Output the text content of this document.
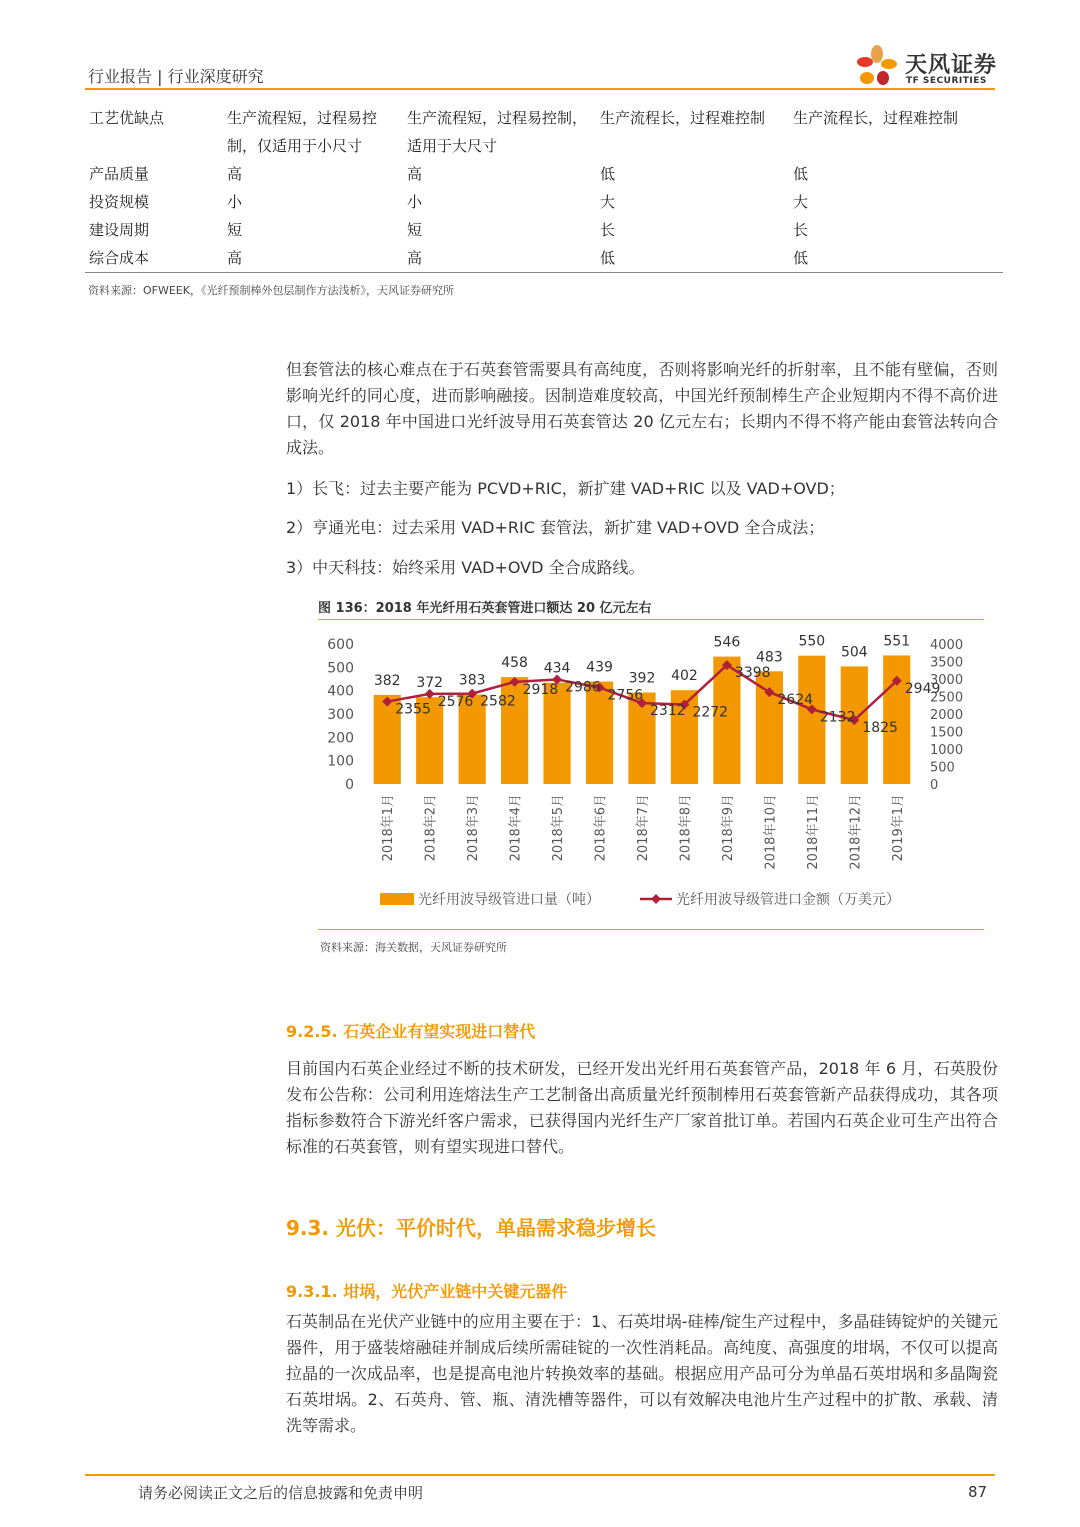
行业报告 | 行业深度研究	天风证券
TF SECURITIES
工艺优缺点	生产流程短，过程易控制，仅适用于小尺寸	生产流程短，过程易控制，适用于大尺寸	生产流程长，过程难控制	生产流程长，过程难控制
产品质量	高	高	低	低
投资规模	小	小	大	大
建设周期	短	短	长	长
综合成本	高	高	低	低
资料来源：OFWEEK，《光纤预制棒外包层制作方法浅析》，天风证券研究所
但套管法的核心难点在于石英套管需要具有高纯度，否则将影响光纤的折射率，且不能有壁偏，否则影响光纤的同心度，进而影响融接。因制造难度较高，中国光纤预制棒生产企业短期内不得不高价进口，仅 2018 年中国进口光纤波导用石英套管达 20 亿元左右；长期内不得不将产能由套管法转向合成法。
1）长飞：过去主要产能为 PCVD+RIC，新扩建 VAD+RIC 以及 VAD+OVD；
2）亨通光电：过去采用 VAD+RIC 套管法，新扩建 VAD+OVD 全合成法；
3）中天科技：始终采用 VAD+OVD 全合成路线。
图 136：2018 年光纤用石英套管进口额达 20 亿元左右
0
100
200
300
400
500
600
0
500
1000
1500
2000
2500
3000
3500
4000
382 372 383
458 434 439
392 402
546
483
550
504
551
2355 2576 2582
2918 2986
2756
2312 2272
3398
2624
2132
1825
2949
2018年1月 2018年2月 2018年3月 2018年4月 2018年5月 2018年6月 2018年7月 2018年8月 2018年9月 2018年10月 2018年11月 2018年12月 2019年1月
光纤用波导级管进口量（吨）	光纤用波导级管进口金额（万美元）
资料来源：海关数据，天风证券研究所
9.2.5. 石英企业有望实现进口替代
目前国内石英企业经过不断的技术研发，已经开发出光纤用石英套管产品，2018 年 6 月，石英股份发布公告称：公司利用连熔法生产工艺制备出高质量光纤预制棒用石英套管新产品获得成功，其各项指标参数符合下游光纤客户需求，已获得国内光纤生产厂家首批订单。若国内石英企业可生产出符合标准的石英套管，则有望实现进口替代。
9.3. 光伏：平价时代，单晶需求稳步增长
9.3.1. 坩埚，光伏产业链中关键元器件
石英制品在光伏产业链中的应用主要在于：1、石英坩埚-硅棒/锭生产过程中，多晶硅铸锭炉的关键元器件，用于盛装熔融硅并制成后续所需硅锭的一次性消耗品。高纯度、高强度的坩埚，不仅可以提高拉晶的一次成品率，也是提高电池片转换效率的基础。根据应用产品可分为单晶石英坩埚和多晶陶瓷石英坩埚。2、石英舟、管、瓶、清洗槽等器件，可以有效解决电池片生产过程中的扩散、承载、清洗等需求。
请务必阅读正文之后的信息披露和免责申明	87
